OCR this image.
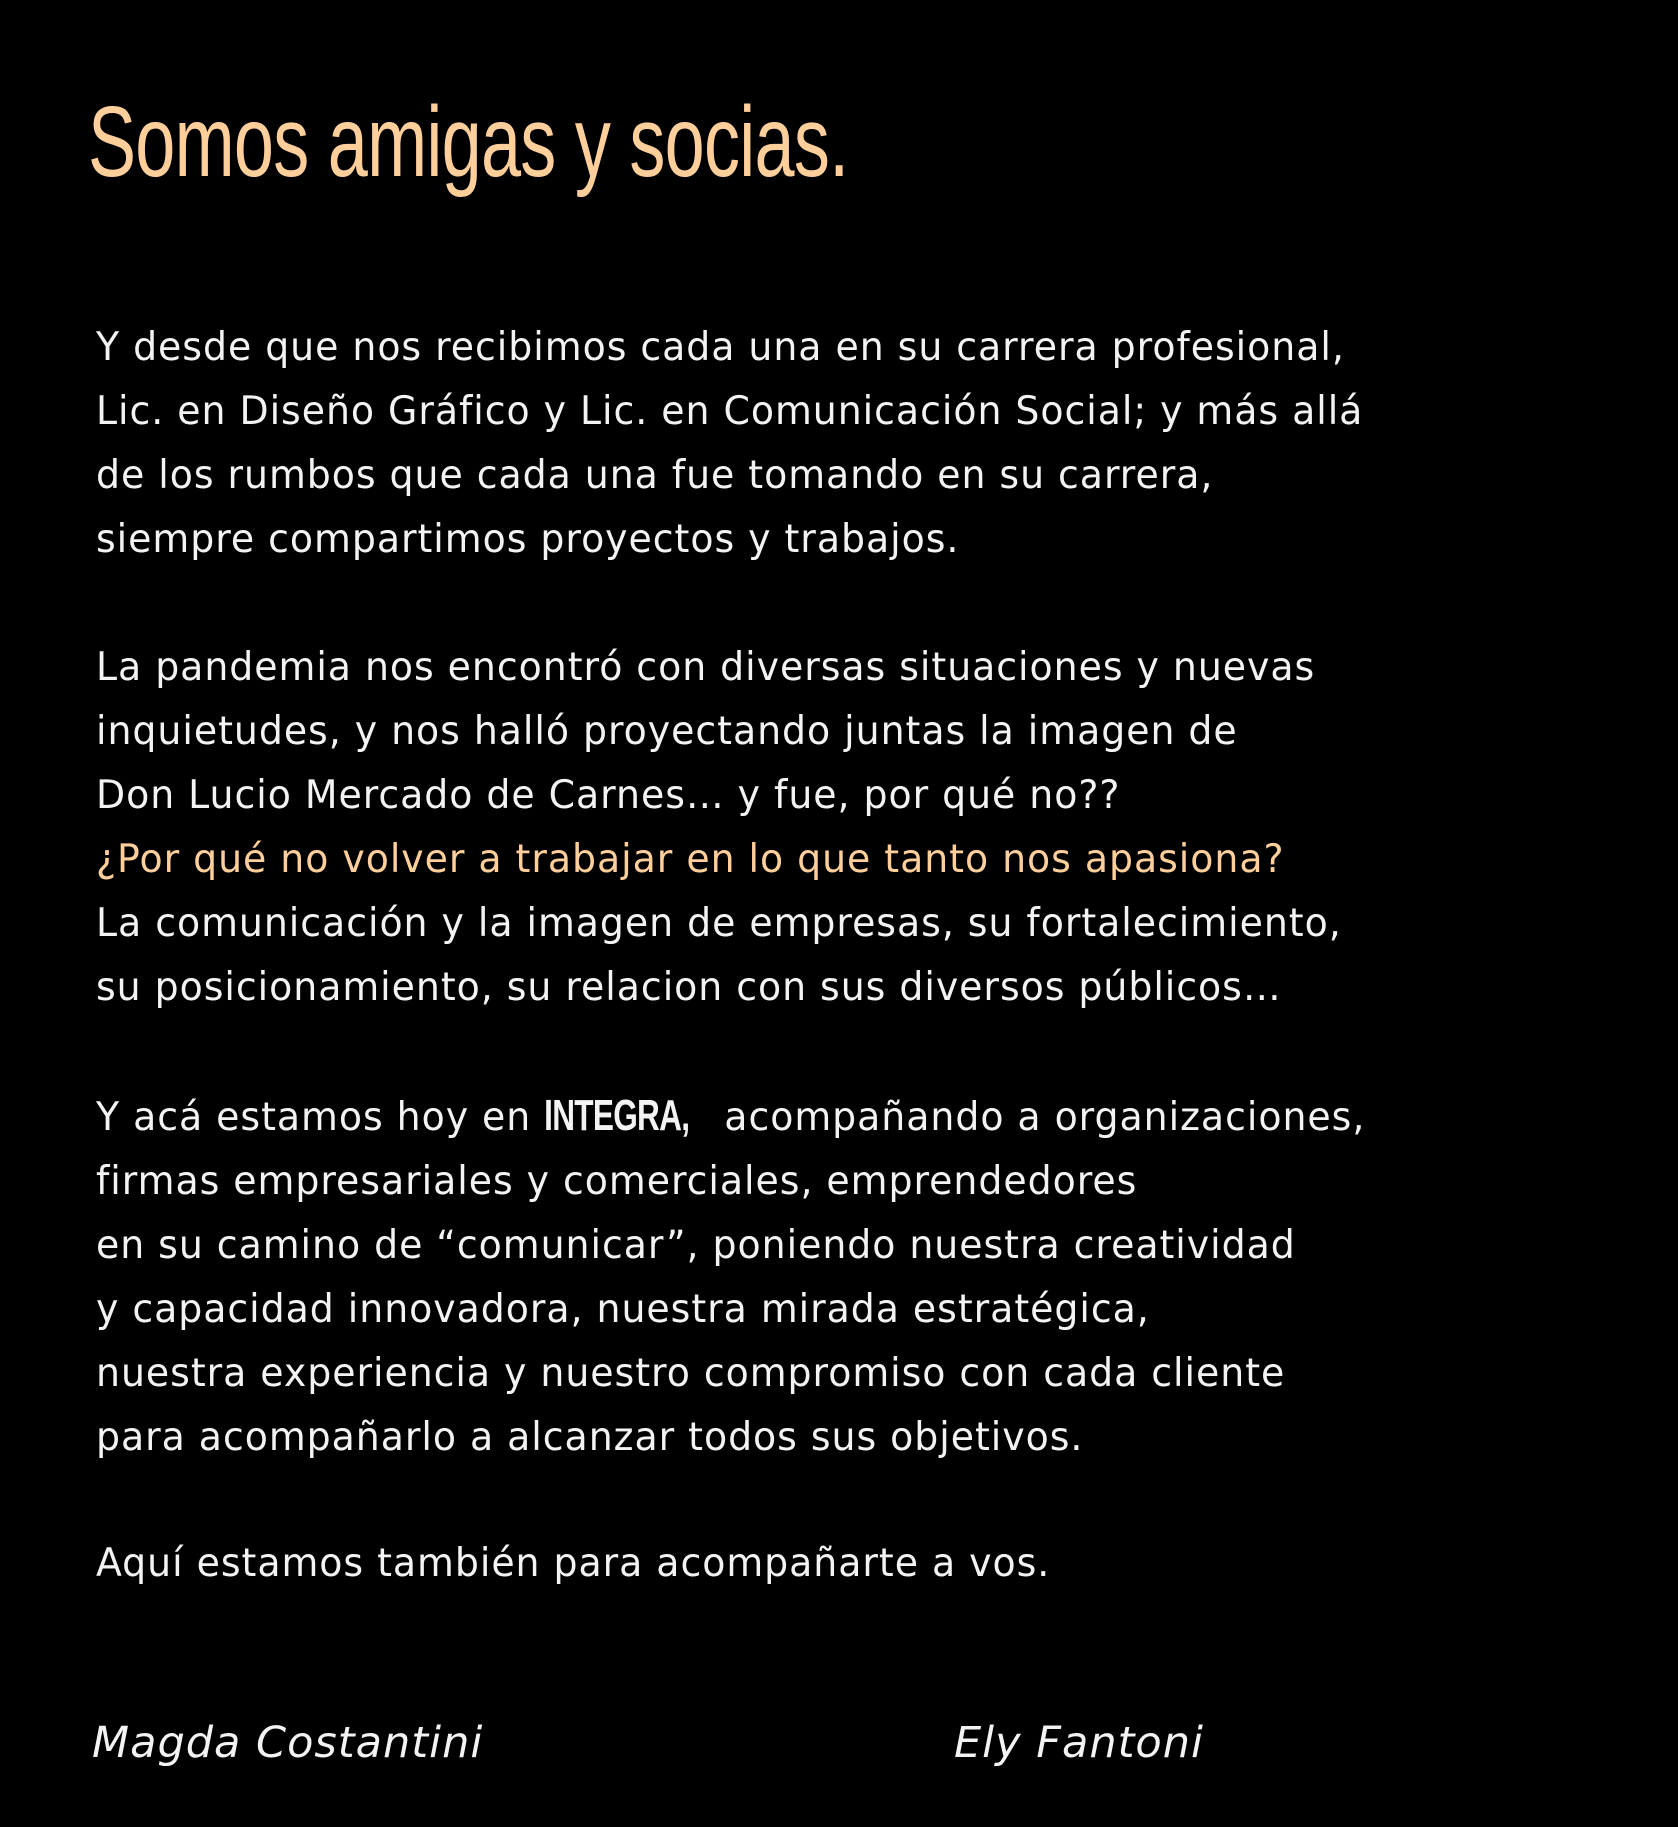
Somos amigas y socias.

Y desde que nos recibimos cada una en su carrera profesional,
Lic. en Diseño Gráfico y Lic. en Comunicación Social; y más allá
de los rumbos que cada una fue tomando en su carrera,
siempre compartimos proyectos y trabajos.

La pandemia nos encontró con diversas situaciones y nuevas
inquietudes, y nos halló proyectando juntas la imagen de
Don Lucio Mercado de Carnes… y fue, por qué no??
¿Por qué no volver a trabajar en lo que tanto nos apasiona?
La comunicación y la imagen de empresas, su fortalecimiento,
su posicionamiento, su relacion con sus diversos públicos…

Y acá estamos hoy en INTEGRA, acompañando a organizaciones,
firmas empresariales y comerciales, emprendedores
en su camino de “comunicar”, poniendo nuestra creatividad
y capacidad innovadora, nuestra mirada estratégica,
nuestra experiencia y nuestro compromiso con cada cliente
para acompañarlo a alcanzar todos sus objetivos.

Aquí estamos también para acompañarte a vos.

Magda Costantini	Ely Fantoni
